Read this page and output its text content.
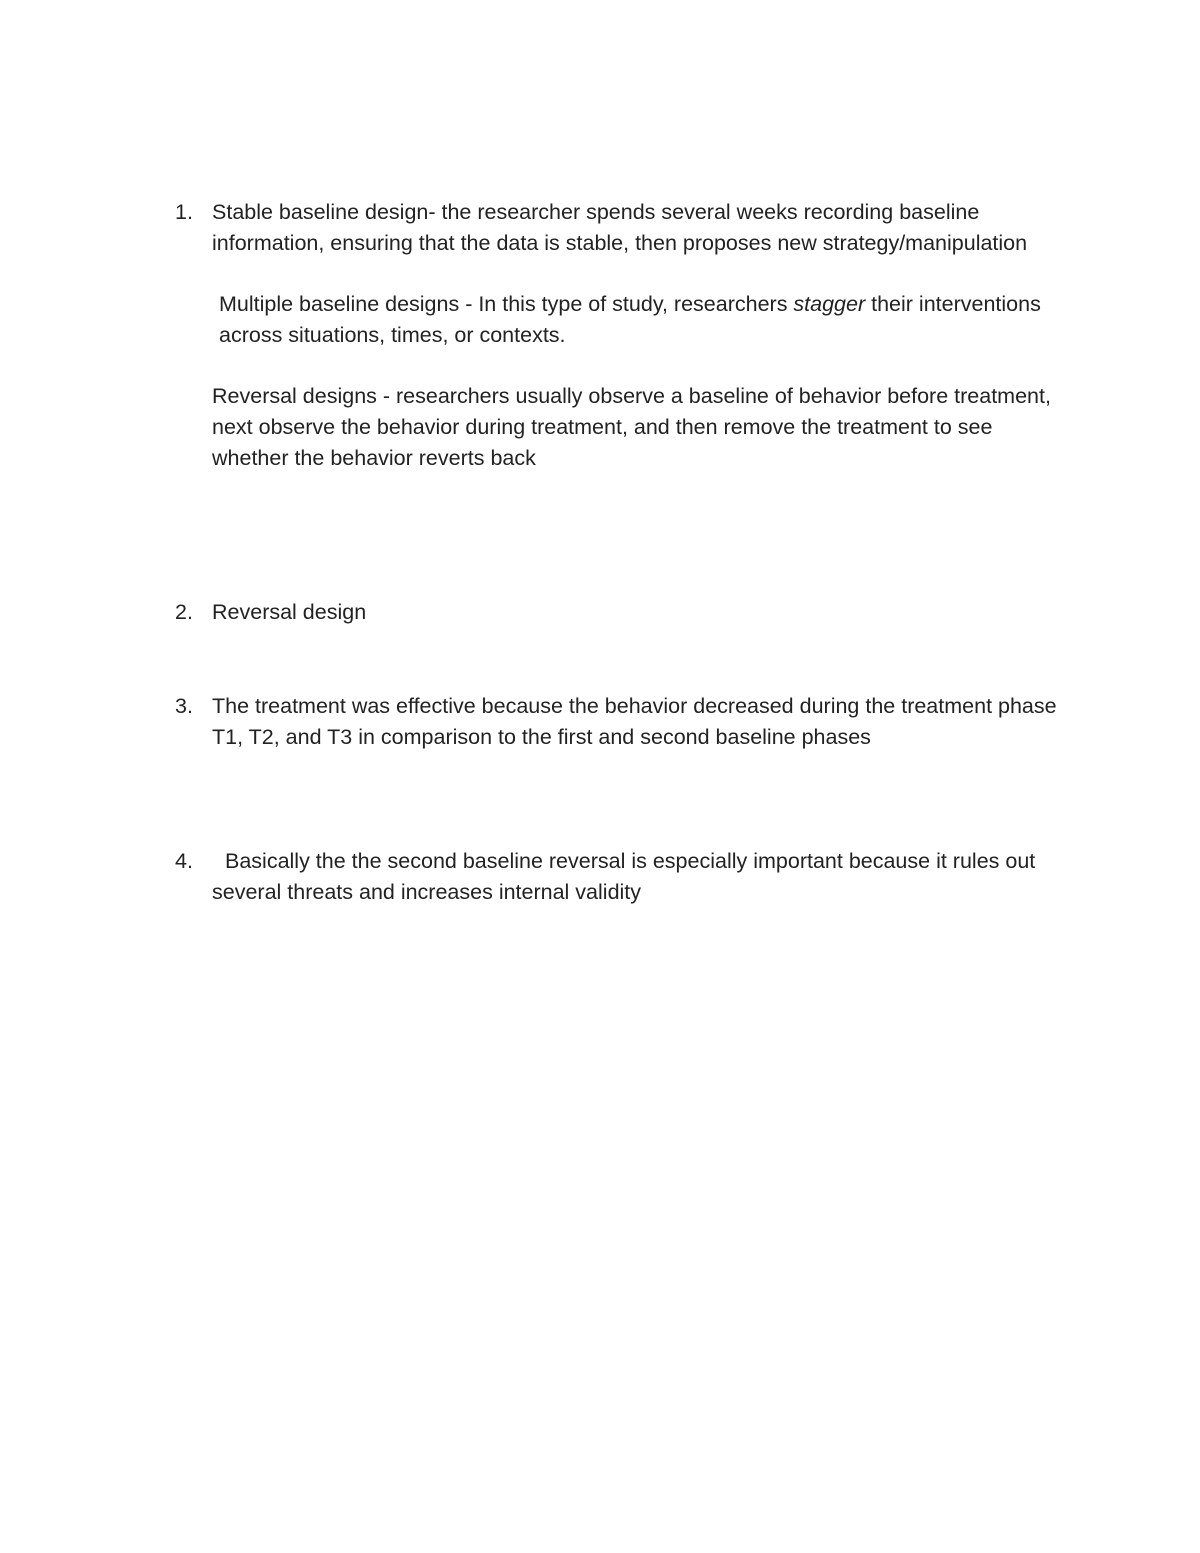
1. Stable baseline design- the researcher spends several weeks recording baseline information, ensuring that the data is stable, then proposes new strategy/manipulation
Multiple baseline designs - In this type of study, researchers stagger their interventions across situations, times, or contexts.
Reversal designs - researchers usually observe a baseline of behavior before treatment, next observe the behavior during treatment, and then remove the treatment to see whether the behavior reverts back
2. Reversal design
3. The treatment was effective because the behavior decreased during the treatment phase T1, T2, and T3 in comparison to the first and second baseline phases
4.	Basically the the second baseline reversal is especially important because it rules out several threats and increases internal validity
